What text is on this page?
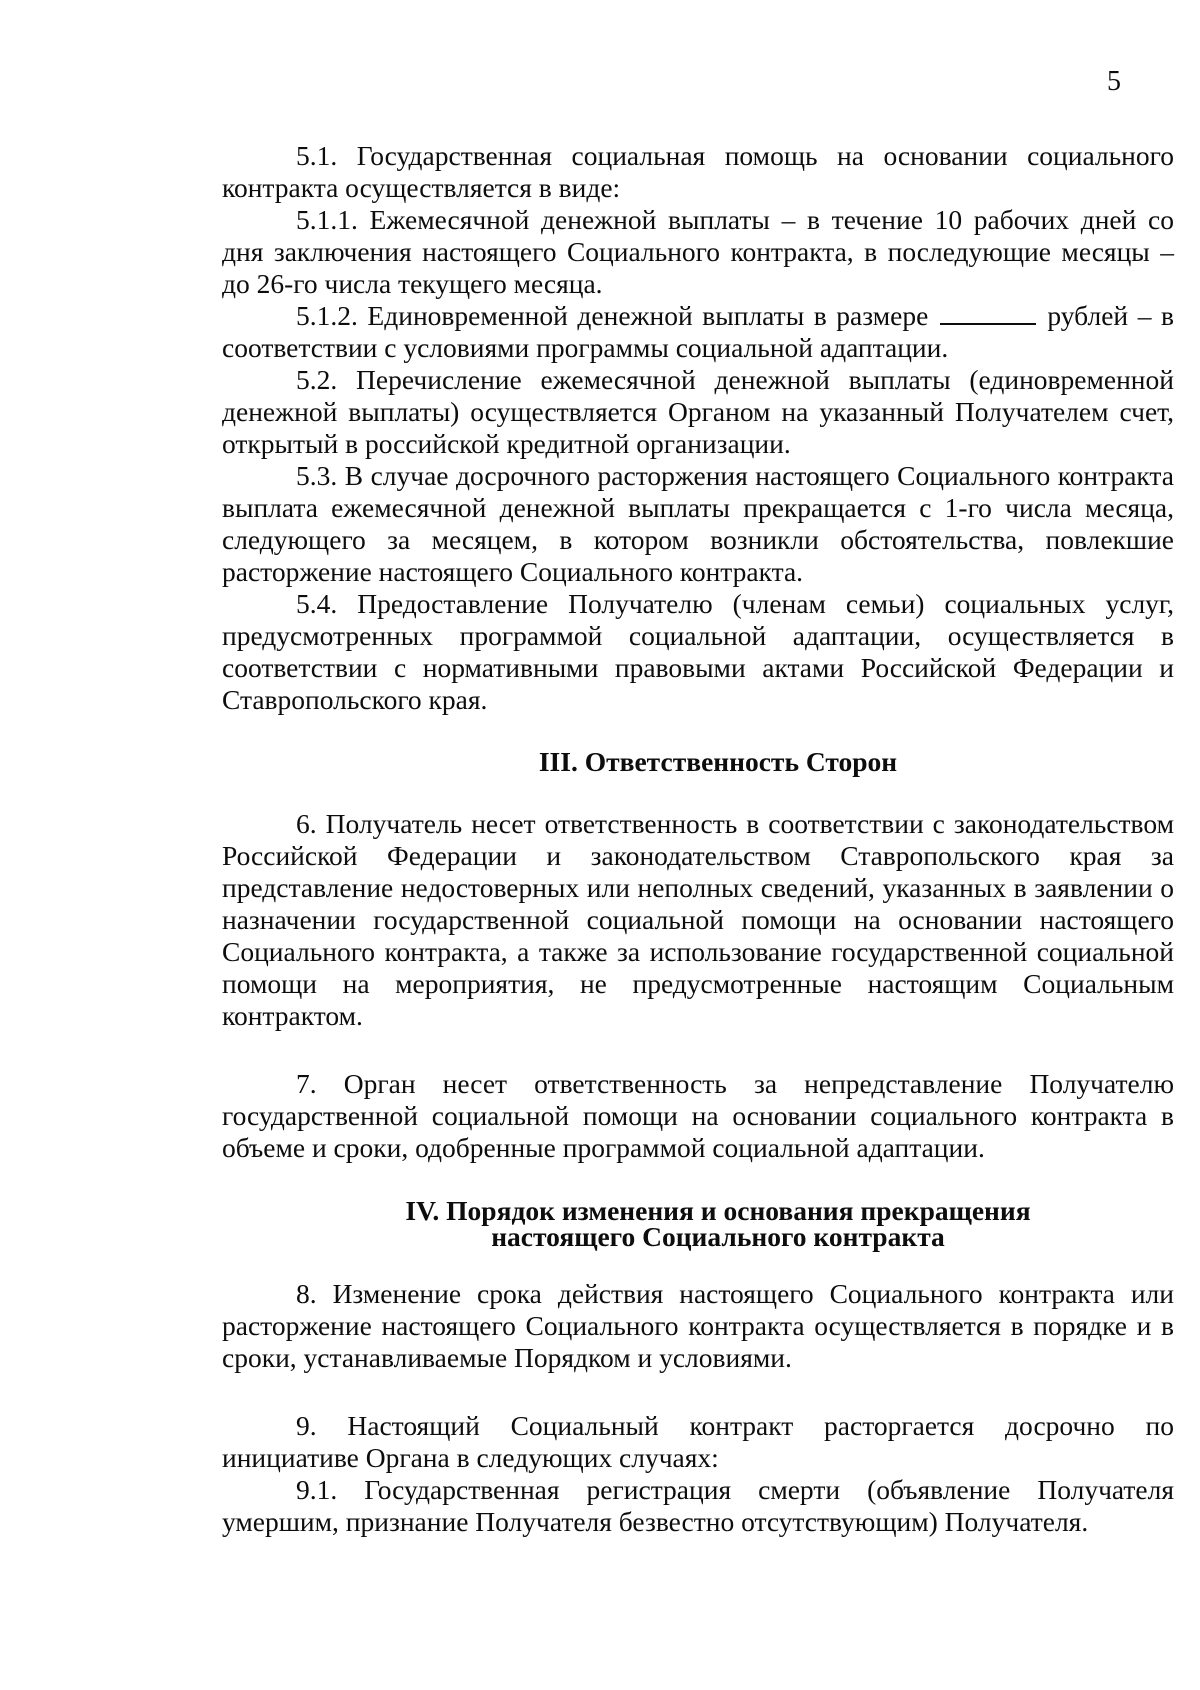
5

5.1. Государственная социальная помощь на основании социального контракта осуществляется в виде:

5.1.1. Ежемесячной денежной выплаты – в течение 10 рабочих дней со дня заключения настоящего Социального контракта, в последующие месяцы – до 26-го числа текущего месяца.

5.1.2. Единовременной денежной выплаты в размере	рублей – в соответствии с условиями программы социальной адаптации.

5.2. Перечисление ежемесячной денежной выплаты (единовременной денежной выплаты) осуществляется Органом на указанный Получателем счет, открытый в российской кредитной организации.

5.3. В случае досрочного расторжения настоящего Социального контракта выплата ежемесячной денежной выплаты прекращается с 1-го числа месяца, следующего за месяцем, в котором возникли обстоятельства, повлекшие расторжение настоящего Социального контракта.

5.4. Предоставление Получателю (членам семьи) социальных услуг, предусмотренных программой социальной адаптации, осуществляется в соответствии с нормативными правовыми актами Российской Федерации и Ставропольского края.

III. Ответственность Сторон

6. Получатель несет ответственность в соответствии с законодательством Российской Федерации и законодательством Ставропольского края за представление недостоверных или неполных сведений, указанных в заявлении о назначении государственной социальной помощи на основании настоящего Социального контракта, а также за использование государственной социальной помощи на мероприятия, не предусмотренные настоящим Социальным контрактом.

7. Орган несет ответственность за непредставление Получателю государственной социальной помощи на основании социального контракта в объеме и сроки, одобренные программой социальной адаптации.

IV. Порядок изменения и основания прекращения
настоящего Социального контракта

8. Изменение срока действия настоящего Социального контракта или расторжение настоящего Социального контракта осуществляется в порядке и в сроки, устанавливаемые Порядком и условиями.

9. Настоящий Социальный контракт расторгается досрочно по инициативе Органа в следующих случаях:

9.1. Государственная регистрация смерти (объявление Получателя умершим, признание Получателя безвестно отсутствующим) Получателя.
